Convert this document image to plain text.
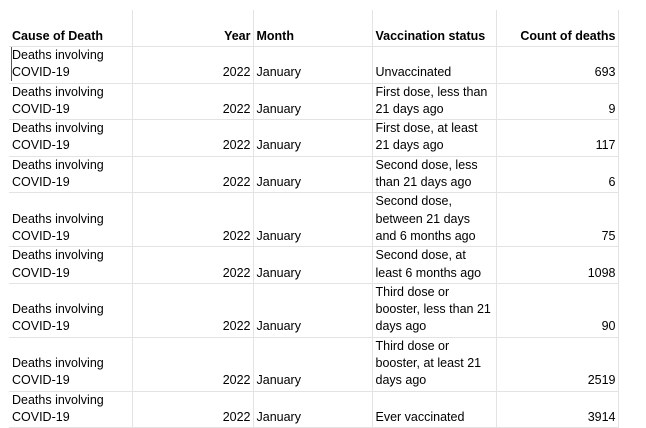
Cause of Death	Year	Month	Vaccination status	Count of deaths
Deaths involving COVID-19	2022	January	Unvaccinated	693
Deaths involving COVID-19	2022	January	First dose, less than 21 days ago	9
Deaths involving COVID-19	2022	January	First dose, at least 21 days ago	117
Deaths involving COVID-19	2022	January	Second dose, less than 21 days ago	6
Deaths involving COVID-19	2022	January	Second dose, between 21 days and 6 months ago	75
Deaths involving COVID-19	2022	January	Second dose, at least 6 months ago	1098
Deaths involving COVID-19	2022	January	Third dose or booster, less than 21 days ago	90
Deaths involving COVID-19	2022	January	Third dose or booster, at least 21 days ago	2519
Deaths involving COVID-19	2022	January	Ever vaccinated	3914
